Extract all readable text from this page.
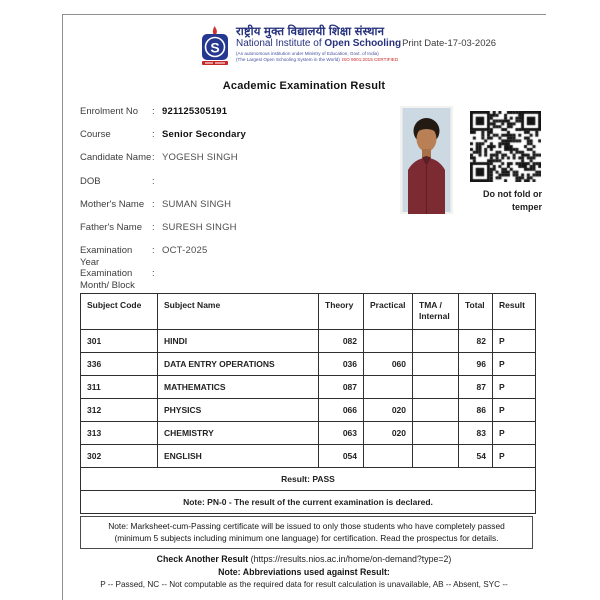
S
राष्ट्रीय मुक्त विद्यालयी शिक्षा संस्थान
National Institute of Open SchoolingPrint Date-17-03-2026
(An autonomous institution under Ministry of Education, Govt. of India)
(The Largest Open Schooling System in the World) ISO 9001:2015 CERTIFIED
Academic Examination Result
Enrolment No	: 921125305191
Course	: Senior Secondary
Candidate Name : YOGESH SINGH
DOB	:
Mother's Name : SUMAN SINGH
Father's Name	: SURESH SINGH
Examination Year
: OCT-2025
Examination Month/ Block
:
Do not fold or
temper
Subject Code	Subject Name	Theory	Practical	TMA / Internal	Total	Result
301	HINDI	082			82	P
336	DATA ENTRY OPERATIONS	036	060		96	P
311	MATHEMATICS	087			87	P
312	PHYSICS	066	020		86	P
313	CHEMISTRY	063	020		83	P
302	ENGLISH	054			54	P
Result: PASS						
Note: PN-0 - The result of the current examination is declared.						
Note: Marksheet-cum-Passing certificate will be issued to only those students who have completely passed (minimum 5 subjects including minimum one language) for certification. Read the prospectus for details.
Check Another Result (https://results.nios.ac.in/home/on-demand?type=2)
Note: Abbreviations used against Result:
P -- Passed, NC -- Not computable as the required data for result calculation is unavailable, AB -- Absent, SYC --
